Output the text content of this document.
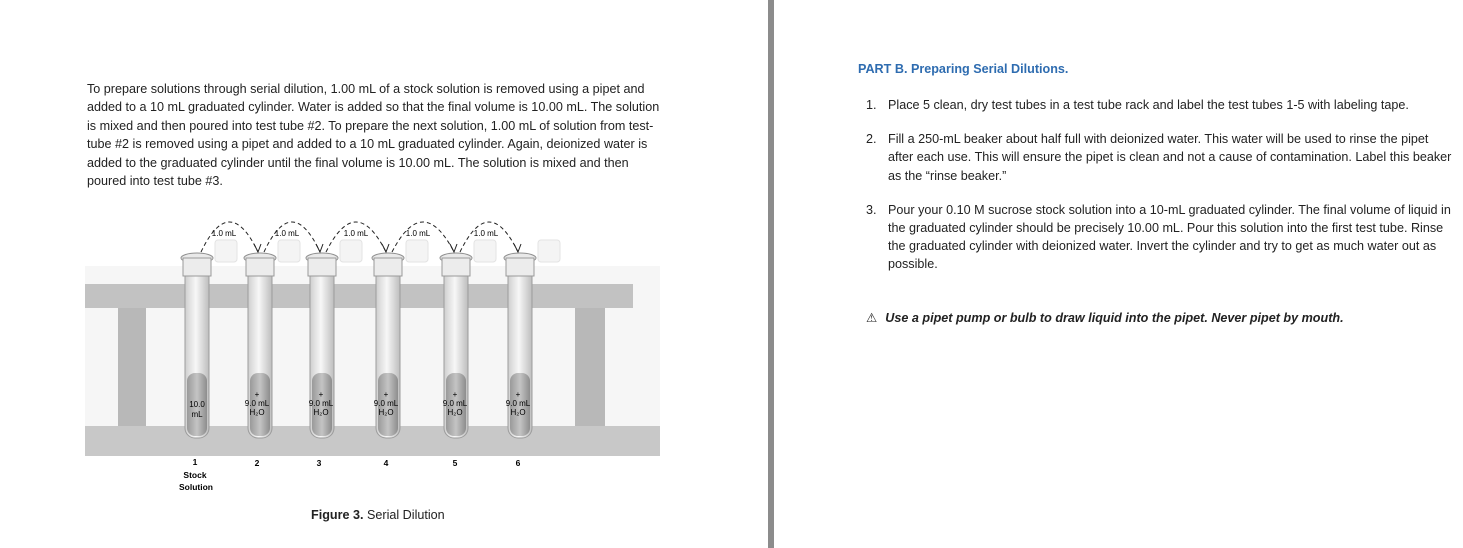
To prepare solutions through serial dilution, 1.00 mL of a stock solution is removed using a pipet and added to a 10 mL graduated cylinder. Water is added so that the final volume is 10.00 mL. The solution is mixed and then poured into test tube #2. To prepare the next solution, 1.00 mL of solution from test-tube #2 is removed using a pipet and added to a 10 mL graduated cylinder. Again, deionized water is added to the graduated cylinder until the final volume is 10.00 mL. The solution is mixed and then poured into test tube #3.

1.0 mL	1.0 mL	1.0 mL	1.0 mL	1.0 mL
10.0
mL
+
9.0 mL
H₂O
+
9.0 mL
H₂O
+
9.0 mL
H₂O
+
9.0 mL
H₂O
+
9.0 mL
H₂O
1	2	3	4	5	6
Stock
Solution

Figure 3. Serial Dilution

PART B. Preparing Serial Dilutions.
1. Place 5 clean, dry test tubes in a test tube rack and label the test tubes 1-5 with labeling tape.
2. Fill a 250-mL beaker about half full with deionized water. This water will be used to rinse the pipet after each use. This will ensure the pipet is clean and not a cause of contamination. Label this beaker as the “rinse beaker.”
3. Pour your 0.10 M sucrose stock solution into a 10-mL graduated cylinder. The final volume of liquid in the graduated cylinder should be precisely 10.00 mL. Pour this solution into the first test tube. Rinse the graduated cylinder with deionized water. Invert the cylinder and try to get as much water out as possible.

⚠ Use a pipet pump or bulb to draw liquid into the pipet. Never pipet by mouth.
